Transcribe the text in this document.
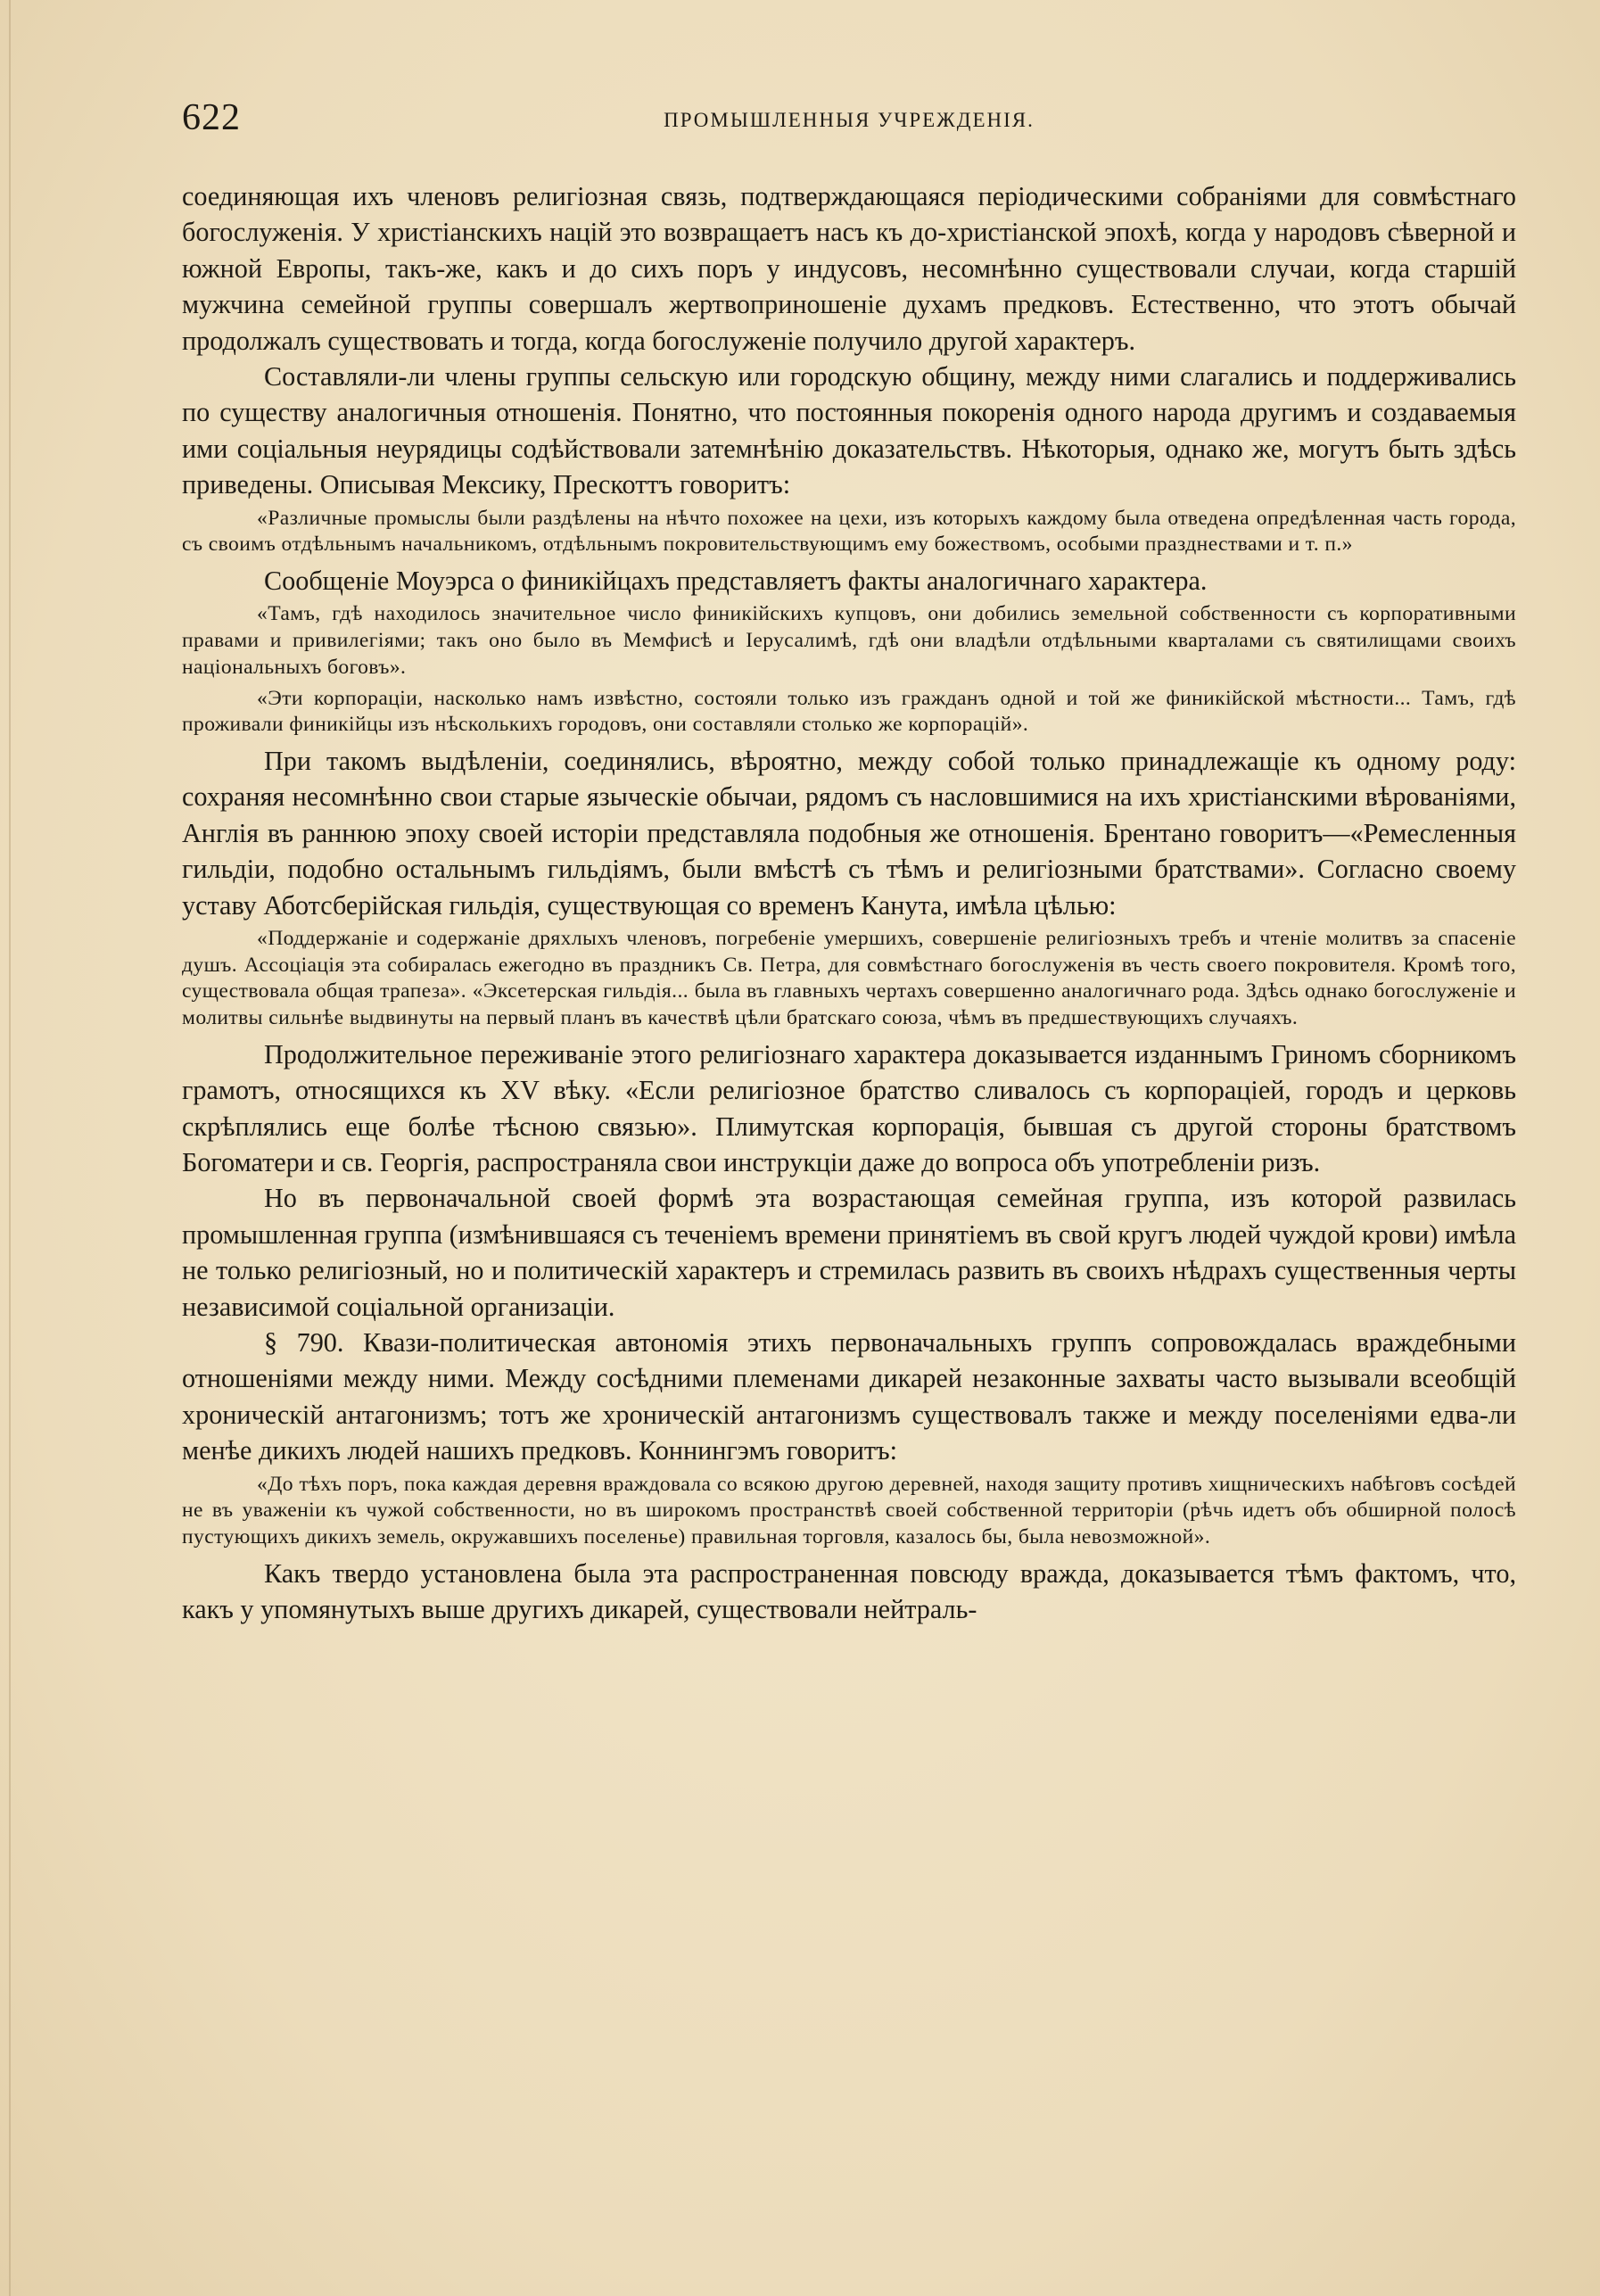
622	ПРОМЫШЛЕННЫЯ УЧРЕЖДЕНІЯ.

соединяющая ихъ членовъ религіозная связь, подтверждающаяся періодическими собраніями для совмѣстнаго богослуженія. У христіанскихъ націй это возвращаетъ насъ къ до-христіанской эпохѣ, когда у народовъ сѣверной и южной Европы, такъ-же, какъ и до сихъ поръ у индусовъ, несомнѣнно существовали случаи, когда старшій мужчина семейной группы совершалъ жертвоприношеніе духамъ предковъ. Естественно, что этотъ обычай продолжалъ существовать и тогда, когда богослуженіе получило другой характеръ.

Составляли-ли члены группы сельскую или городскую общину, между ними слагались и поддерживались по существу аналогичныя отношенія. Понятно, что постоянныя покоренія одного народа другимъ и создаваемыя ими соціальныя неурядицы содѣйствовали затемнѣнію доказательствъ. Нѣкоторыя, однако же, могутъ быть здѣсь приведены. Описывая Мексику, Прескоттъ говоритъ:

«Различные промыслы были раздѣлены на нѣчто похожее на цехи, изъ которыхъ каждому была отведена опредѣленная часть города, съ своимъ отдѣльнымъ начальникомъ, отдѣльнымъ покровительствующимъ ему божествомъ, особыми празднествами и т. п.»

Сообщеніе Моуэрса о финикійцахъ представляетъ факты аналогичнаго характера.

«Тамъ, гдѣ находилось значительное число финикійскихъ купцовъ, они добились земельной собственности съ корпоративными правами и привилегіями; такъ оно было въ Мемфисѣ и Іерусалимѣ, гдѣ они владѣли отдѣльными кварталами съ святилищами своихъ національныхъ боговъ».

«Эти корпораціи, насколько намъ извѣстно, состояли только изъ гражданъ одной и той же финикійской мѣстности... Тамъ, гдѣ проживали финикійцы изъ нѣсколькихъ городовъ, они составляли столько же корпорацій».

При такомъ выдѣленіи, соединялись, вѣроятно, между собой только принадлежащіе къ одному роду: сохраняя несомнѣнно свои старые языческіе обычаи, рядомъ съ насловшимися на ихъ христіанскими вѣрованіями, Англія въ раннюю эпоху своей исторіи представляла подобныя же отношенія. Брентано говоритъ—«Ремесленныя гильдіи, подобно остальнымъ гильдіямъ, были вмѣстѣ съ тѣмъ и религіозными братствами». Согласно своему уставу Аботсберійская гильдія, существующая со временъ Канута, имѣла цѣлью:

«Поддержаніе и содержаніе дряхлыхъ членовъ, погребеніе умершихъ, совершеніе религіозныхъ требъ и чтеніе молитвъ за спасеніе душъ. Ассоціація эта собиралась ежегодно въ праздникъ Св. Петра, для совмѣстнаго богослуженія въ честь своего покровителя. Кромѣ того, существовала общая трапеза». «Эксетерская гильдія... была въ главныхъ чертахъ совершенно аналогичнаго рода. Здѣсь однако богослуженіе и молитвы сильнѣе выдвинуты на первый планъ въ качествѣ цѣли братскаго союза, чѣмъ въ предшествующихъ случаяхъ.

Продолжительное переживаніе этого религіознаго характера доказывается изданнымъ Гриномъ сборникомъ грамотъ, относящихся къ XV вѣку. «Если религіозное братство сливалось съ корпораціей, городъ и церковь скрѣплялись еще болѣе тѣсною связью». Плимутская корпорація, бывшая съ другой стороны братствомъ Богоматери и св. Георгія, распространяла свои инструкціи даже до вопроса объ употребленіи ризъ.

Но въ первоначальной своей формѣ эта возрастающая семейная группа, изъ которой развилась промышленная группа (измѣнившаяся съ теченіемъ времени принятіемъ въ свой кругъ людей чуждой крови) имѣла не только религіозный, но и политическій характеръ и стремилась развить въ своихъ нѣдрахъ существенныя черты независимой соціальной организаціи.

§ 790. Квази-политическая автономія этихъ первоначальныхъ группъ сопровождалась враждебными отношеніями между ними. Между сосѣдними племенами дикарей незаконные захваты часто вызывали всеобщій хроническій антагонизмъ; тотъ же хроническій антагонизмъ существовалъ также и между поселеніями едва-ли менѣе дикихъ людей нашихъ предковъ. Коннингэмъ говоритъ:

«До тѣхъ поръ, пока каждая деревня враждовала со всякою другою деревней, находя защиту противъ хищническихъ набѣговъ сосѣдей не въ уваженіи къ чужой собственности, но въ широкомъ пространствѣ своей собственной территоріи (рѣчь идетъ объ обширной полосѣ пустующихъ дикихъ земель, окружавшихъ поселенье) правильная торговля, казалось бы, была невозможной».

Какъ твердо установлена была эта распространенная повсюду вражда, доказывается тѣмъ фактомъ, что, какъ у упомянутыхъ выше другихъ дикарей, существовали нейтраль-
